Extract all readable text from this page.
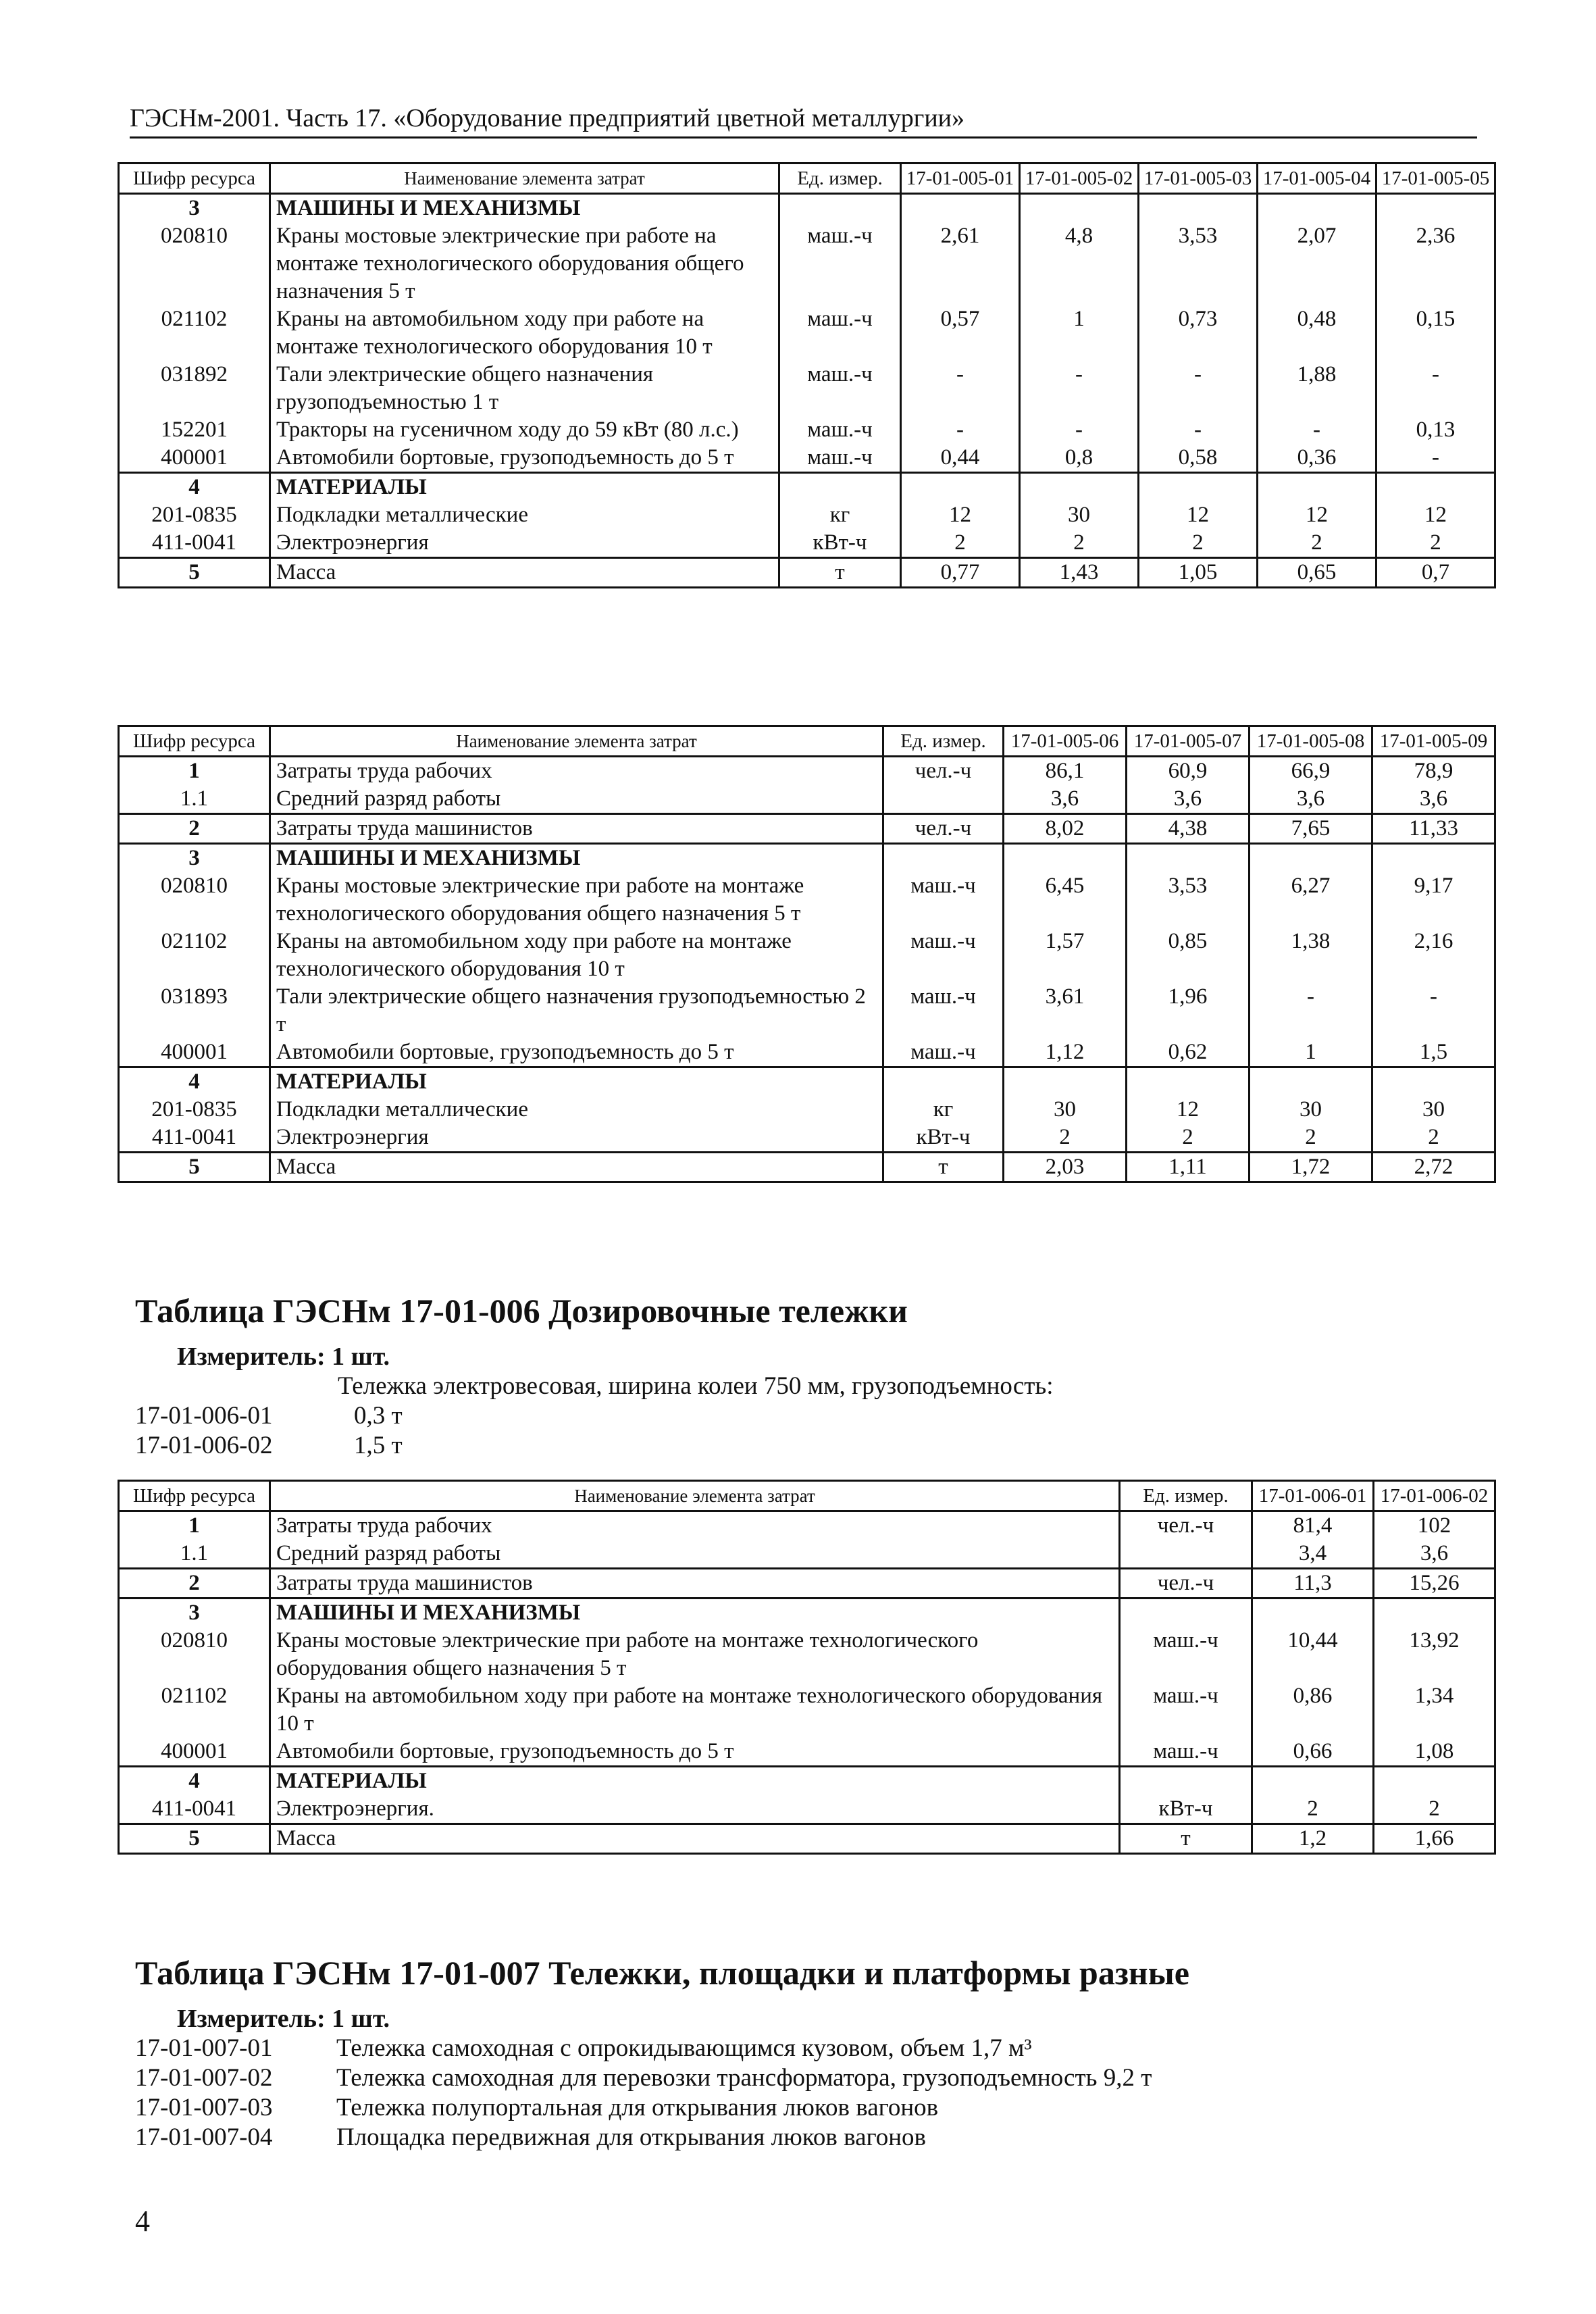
ГЭСНм-2001. Часть 17. «Оборудование предприятий цветной металлургии»
Шифр ресурса	Наименование элемента затрат	Ед. измер.	17-01-005-01	17-01-005-02	17-01-005-03	17-01-005-04	17-01-005-05
3	МАШИНЫ И МЕХАНИЗМЫ						
020810	Краны мостовые электрические при работе на монтаже технологического оборудования общего назначения 5 т	маш.-ч	2,61	4,8	3,53	2,07	2,36
021102	Краны на автомобильном ходу при работе на монтаже технологического оборудования 10 т	маш.-ч	0,57	1	0,73	0,48	0,15
031892	Тали электрические общего назначения грузоподъемностью 1 т	маш.-ч	-	-	-	1,88	-
152201	Тракторы на гусеничном ходу до 59 кВт (80 л.с.)	маш.-ч	-	-	-	-	0,13
400001	Автомобили бортовые, грузоподъемность до 5 т	маш.-ч	0,44	0,8	0,58	0,36	-
4	МАТЕРИАЛЫ						
201-0835	Подкладки металлические	кг	12	30	12	12	12
411-0041	Электроэнергия	кВт-ч	2	2	2	2	2
5	Масса	т	0,77	1,43	1,05	0,65	0,7
Шифр ресурса	Наименование элемента затрат	Ед. измер.	17-01-005-06	17-01-005-07	17-01-005-08	17-01-005-09
1	Затраты труда рабочих	чел.-ч	86,1	60,9	66,9	78,9
1.1	Средний разряд работы		3,6	3,6	3,6	3,6
2	Затраты труда машинистов	чел.-ч	8,02	4,38	7,65	11,33
3	МАШИНЫ И МЕХАНИЗМЫ					
020810	Краны мостовые электрические при работе на монтаже технологического оборудования общего назначения 5 т	маш.-ч	6,45	3,53	6,27	9,17
021102	Краны на автомобильном ходу при работе на монтаже технологического оборудования 10 т	маш.-ч	1,57	0,85	1,38	2,16
031893	Тали электрические общего назначения грузоподъемностью 2 т	маш.-ч	3,61	1,96	-	-
400001	Автомобили бортовые, грузоподъемность до 5 т	маш.-ч	1,12	0,62	1	1,5
4	МАТЕРИАЛЫ					
201-0835	Подкладки металлические	кг	30	12	30	30
411-0041	Электроэнергия	кВт-ч	2	2	2	2
5	Масса	т	2,03	1,11	1,72	2,72
Таблица ГЭСНм 17-01-006 Дозировочные тележки
Измеритель: 1 шт.
Тележка электровесовая, ширина колеи 750 мм, грузоподъемность:
17-01-006-01	0,3 т
17-01-006-02	1,5 т
Шифр ресурса	Наименование элемента затрат	Ед. измер.	17-01-006-01	17-01-006-02
1	Затраты труда рабочих	чел.-ч	81,4	102
1.1	Средний разряд работы		3,4	3,6
2	Затраты труда машинистов	чел.-ч	11,3	15,26
3	МАШИНЫ И МЕХАНИЗМЫ			
020810	Краны мостовые электрические при работе на монтаже технологического оборудования общего назначения 5 т	маш.-ч	10,44	13,92
021102	Краны на автомобильном ходу при работе на монтаже технологического оборудования 10 т	маш.-ч	0,86	1,34
400001	Автомобили бортовые, грузоподъемность до 5 т	маш.-ч	0,66	1,08
4	МАТЕРИАЛЫ			
411-0041	Электроэнергия.	кВт-ч	2	2
5	Масса	т	1,2	1,66
Таблица ГЭСНм 17-01-007 Тележки, площадки и платформы разные
Измеритель: 1 шт.
17-01-007-01	Тележка самоходная с опрокидывающимся кузовом, объем 1,7 м³
17-01-007-02	Тележка самоходная для перевозки трансформатора, грузоподъемность 9,2 т
17-01-007-03	Тележка полупортальная для открывания люков вагонов
17-01-007-04	Площадка передвижная для открывания люков вагонов
4
